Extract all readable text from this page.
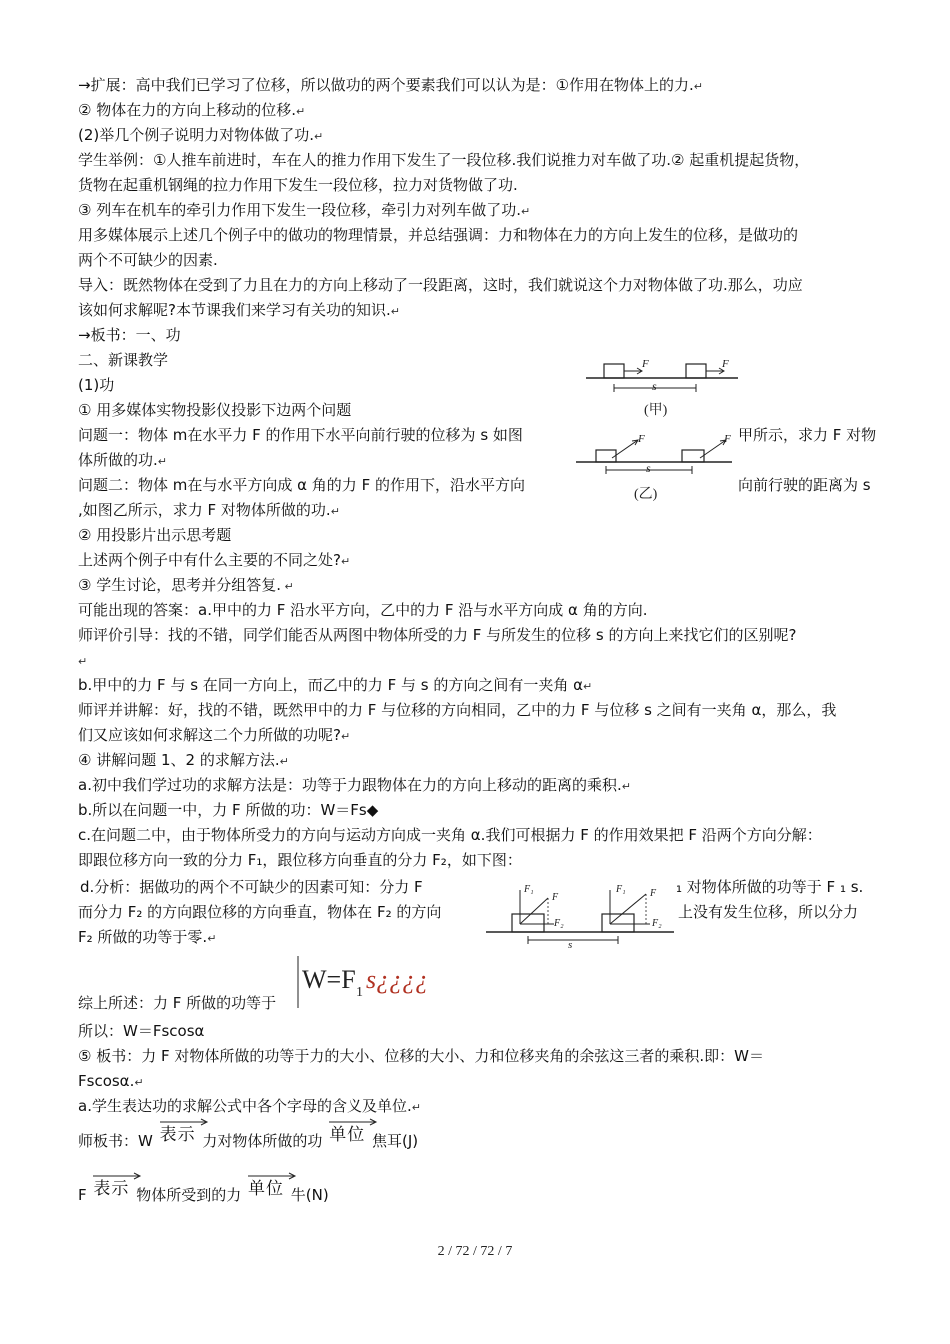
→扩展：高中我们已学习了位移，所以做功的两个要素我们可以认为是：①作用在物体上的力.↵
② 物体在力的方向上移动的位移.↵
(2)举几个例子说明力对物体做了功.↵
学生举例：①人推车前进时，车在人的推力作用下发生了一段位移.我们说推力对车做了功.② 起重机提起货物，
货物在起重机钢绳的拉力作用下发生一段位移，拉力对货物做了功.
③ 列车在机车的牵引力作用下发生一段位移，牵引力对列车做了功.↵
用多媒体展示上述几个例子中的做功的物理情景，并总结强调：力和物体在力的方向上发生的位移，是做功的
两个不可缺少的因素.
导入：既然物体在受到了力且在力的方向上移动了一段距离，这时，我们就说这个力对物体做了功.那么，功应
该如何求解呢?本节课我们来学习有关功的知识.↵
→板书：一、功
二、新课教学
(1)功
① 用多媒体实物投影仪投影下边两个问题
问题一：物体 m在水平力 F 的作用下水平向前行驶的位移为 s 如图	甲所示，求力 F 对物
体所做的功.↵
问题二：物体 m在与水平方向成 α 角的力 F 的作用下，沿水平方向	向前行驶的距离为 s
,如图乙所示，求力 F 对物体所做的功.↵
② 用投影片出示思考题
上述两个例子中有什么主要的不同之处?↵
③ 学生讨论，思考并分组答复. ↵
可能出现的答案：a.甲中的力 F 沿水平方向，乙中的力 F 沿与水平方向成 α 角的方向.
师评价引导：找的不错，同学们能否从两图中物体所受的力 F 与所发生的位移 s 的方向上来找它们的区别呢?
↵
b.甲中的力 F 与 s 在同一方向上，而乙中的力 F 与 s 的方向之间有一夹角 α↵
师评并讲解：好，找的不错，既然甲中的力 F 与位移的方向相同，乙中的力 F 与位移 s 之间有一夹角 α，那么，我
们又应该如何求解这二个力所做的功呢?↵
④ 讲解问题 1、2 的求解方法.↵
a.初中我们学过功的求解方法是：功等于力跟物体在力的方向上移动的距离的乘积.↵
b.所以在问题一中，力 F 所做的功：W＝Fs◆
c.在问题二中，由于物体所受力的方向与运动方向成一夹角 α.我们可根据力 F 的作用效果把 F 沿两个方向分解：
即跟位移方向一致的分力 F₁，跟位移方向垂直的分力 F₂，如下图：
d.分析：据做功的两个不可缺少的因素可知：分力 F	₁ 对物体所做的功等于 F ₁ s.
而分力 F₂ 的方向跟位移的方向垂直，物体在 F₂ 的方向	上没有发生位移，所以分力
F₂ 所做的功等于零.↵
综上所述：力 F 所做的功等于
W=F 1 s¿¿¿¿
所以：W＝Fscosα
⑤ 板书：力 F 对物体所做的功等于力的大小、位移的大小、力和位移夹角的余弦这三者的乘积.即：W＝
Fscosα.↵
a.学生表达功的求解公式中各个字母的含义及单位.↵
师板书：W 表示 力对物体所做的功 单位 焦耳(J)
F 表示 物体所受到的力 单位 牛(N)
F	F
s
(甲)
F	F
s
(乙)
F₁
F
F₂
F₁ F
F₂
s
2 / 72 / 72 / 7
